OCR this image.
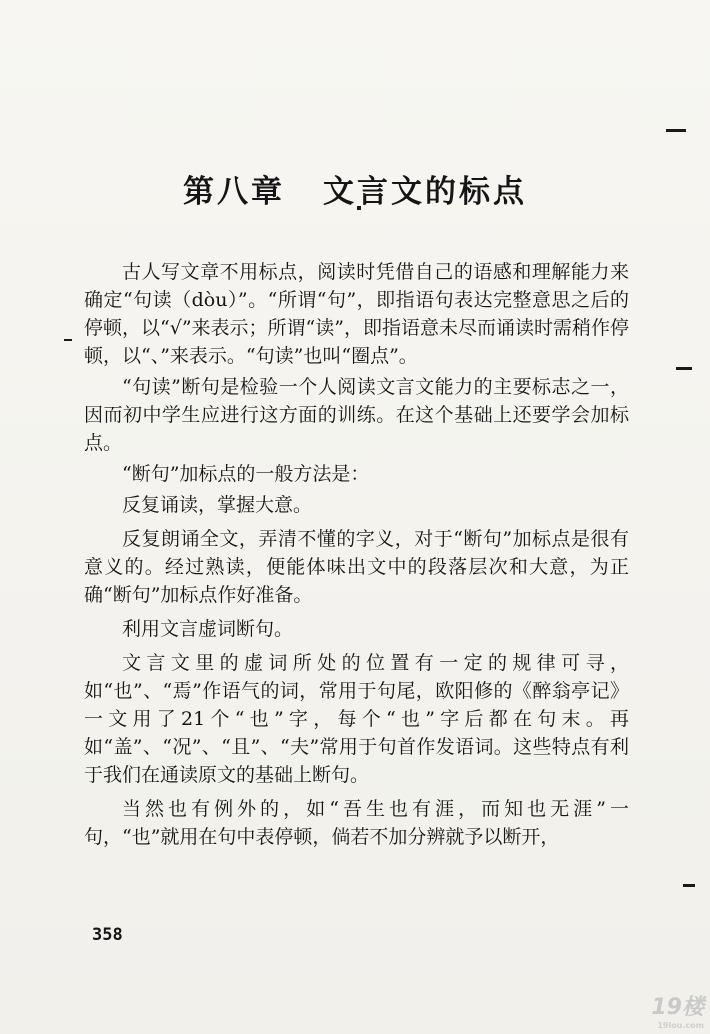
第八章 文言文的标点

古人写文章不用标点，阅读时凭借自己的语感和理解能力来确定“句读（dòu）”。“所谓“句”，即指语句表达完整意思之后的停顿，以“√”来表示；所谓“读”，即指语意未尽而诵读时需稍作停顿，以“、”来表示。“句读”也叫“圈点”。

“句读”断句是检验一个人阅读文言文能力的主要标志之一，因而初中学生应进行这方面的训练。在这个基础上还要学会加标点。

“断句”加标点的一般方法是：

反复诵读，掌握大意。

反复朗诵全文，弄清不懂的字义，对于“断句”加标点是很有意义的。经过熟读，便能体味出文中的段落层次和大意，为正确“断句”加标点作好准备。

利用文言虚词断句。

文言文里的虚词所处的位置有一定的规律可寻，如“也”、“焉”作语气的词，常用于句尾，欧阳修的《醉翁亭记》一文用了21个“也”字，每个“也”字后都在句末。再如“盖”、“况”、“且”、“夫”常用于句首作发语词。这些特点有利于我们在通读原文的基础上断句。

当然也有例外的，如“吾生也有涯，而知也无涯”一句，“也”就用在句中表停顿，倘若不加分辨就予以断开，

358
19楼
19lou.com
